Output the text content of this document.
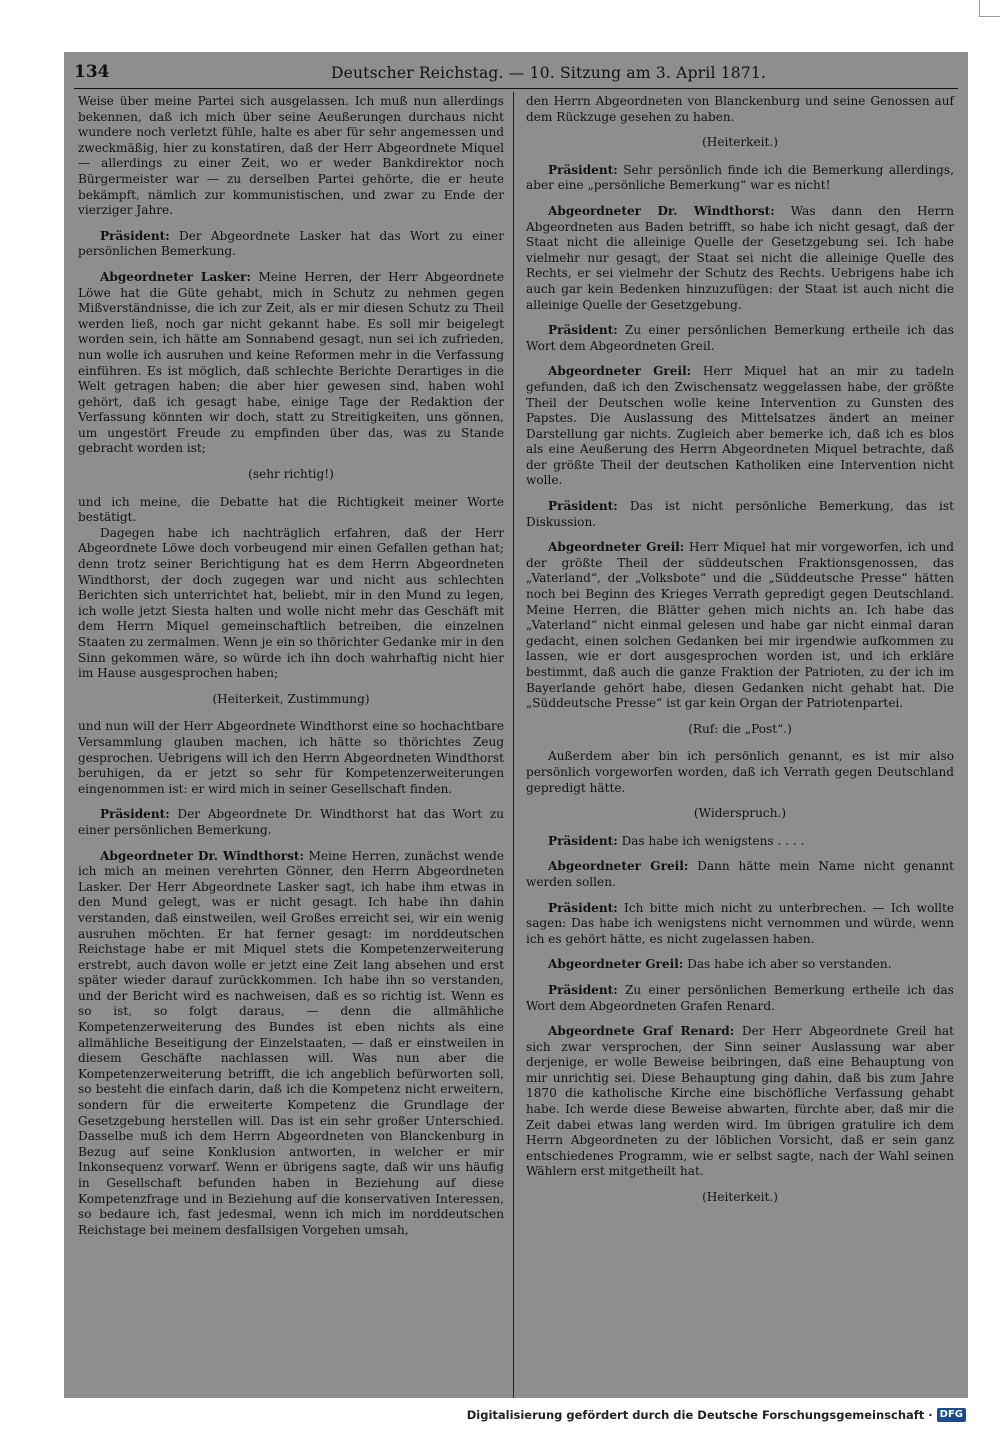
134	Deutscher Reichstag. — 10. Sitzung am 3. April 1871.

Weise über meine Partei sich ausgelassen. Ich muß nun allerdings bekennen, daß ich mich über seine Aeußerungen durchaus nicht wundere noch verletzt fühle, halte es aber für sehr angemessen und zweckmäßig, hier zu konstatiren, daß der Herr Abgeordnete Miquel — allerdings zu einer Zeit, wo er weder Bankdirektor noch Bürgermeister war — zu derselben Partei gehörte, die er heute bekämpft, nämlich zur kommunistischen, und zwar zu Ende der vierziger Jahre.

Präsident: Der Abgeordnete Lasker hat das Wort zu einer persönlichen Bemerkung.

Abgeordneter Lasker: Meine Herren, der Herr Abgeordnete Löwe hat die Güte gehabt, mich in Schutz zu nehmen gegen Mißverständnisse, die ich zur Zeit, als er mir diesen Schutz zu Theil werden ließ, noch gar nicht gekannt habe. Es soll mir beigelegt worden sein, ich hätte am Sonnabend gesagt, nun sei ich zufrieden, nun wolle ich ausruhen und keine Reformen mehr in die Verfassung einführen. Es ist möglich, daß schlechte Berichte Derartiges in die Welt getragen haben; die aber hier gewesen sind, haben wohl gehört, daß ich gesagt habe, einige Tage der Redaktion der Verfassung könnten wir doch, statt zu Streitigkeiten, uns gönnen, um ungestört Freude zu empfinden über das, was zu Stande gebracht worden ist;

(sehr richtig!)

und ich meine, die Debatte hat die Richtigkeit meiner Worte bestätigt.

Dagegen habe ich nachträglich erfahren, daß der Herr Abgeordnete Löwe doch vorbeugend mir einen Gefallen gethan hat; denn trotz seiner Berichtigung hat es dem Herrn Abgeordneten Windthorst, der doch zugegen war und nicht aus schlechten Berichten sich unterrichtet hat, beliebt, mir in den Mund zu legen, ich wolle jetzt Siesta halten und wolle nicht mehr das Geschäft mit dem Herrn Miquel gemeinschaftlich betreiben, die einzelnen Staaten zu zermalmen. Wenn je ein so thörichter Gedanke mir in den Sinn gekommen wäre, so würde ich ihn doch wahrhaftig nicht hier im Hause ausgesprochen haben;

(Heiterkeit, Zustimmung)

und nun will der Herr Abgeordnete Windthorst eine so hochachtbare Versammlung glauben machen, ich hätte so thörichtes Zeug gesprochen. Uebrigens will ich den Herrn Abgeordneten Windthorst beruhigen, da er jetzt so sehr für Kompetenzerweiterungen eingenommen ist: er wird mich in seiner Gesellschaft finden.

Präsident: Der Abgeordnete Dr. Windthorst hat das Wort zu einer persönlichen Bemerkung.

Abgeordneter Dr. Windthorst: Meine Herren, zunächst wende ich mich an meinen verehrten Gönner, den Herrn Abgeordneten Lasker. Der Herr Abgeordnete Lasker sagt, ich habe ihm etwas in den Mund gelegt, was er nicht gesagt. Ich habe ihn dahin verstanden, daß einstweilen, weil Großes erreicht sei, wir ein wenig ausruhen möchten. Er hat ferner gesagt: im norddeutschen Reichstage habe er mit Miquel stets die Kompetenzerweiterung erstrebt, auch davon wolle er jetzt eine Zeit lang absehen und erst später wieder darauf zurückkommen. Ich habe ihn so verstanden, und der Bericht wird es nachweisen, daß es so richtig ist. Wenn es so ist, so folgt daraus, — denn die allmähliche Kompetenzerweiterung des Bundes ist eben nichts als eine allmähliche Beseitigung der Einzelstaaten, — daß er einstweilen in diesem Geschäfte nachlassen will. Was nun aber die Kompetenzerweiterung betrifft, die ich angeblich befürworten soll, so besteht die einfach darin, daß ich die Kompetenz nicht erweitern, sondern für die erweiterte Kompetenz die Grundlage der Gesetzgebung herstellen will. Das ist ein sehr großer Unterschied. Dasselbe muß ich dem Herrn Abgeordneten von Blanckenburg in Bezug auf seine Konklusion antworten, in welcher er mir Inkonsequenz vorwarf. Wenn er übrigens sagte, daß wir uns häufig in Gesellschaft befunden haben in Beziehung auf diese Kompetenzfrage und in Beziehung auf die konservativen Interessen, so bedaure ich, fast jedesmal, wenn ich mich im norddeutschen Reichstage bei meinem desfallsigen Vorgehen umsah,

den Herrn Abgeordneten von Blanckenburg und seine Genossen auf dem Rückzuge gesehen zu haben.

(Heiterkeit.)

Präsident: Sehr persönlich finde ich die Bemerkung allerdings, aber eine „persönliche Bemerkung“ war es nicht!

Abgeordneter Dr. Windthorst: Was dann den Herrn Abgeordneten aus Baden betrifft, so habe ich nicht gesagt, daß der Staat nicht die alleinige Quelle der Gesetzgebung sei. Ich habe vielmehr nur gesagt, der Staat sei nicht die alleinige Quelle des Rechts, er sei vielmehr der Schutz des Rechts. Uebrigens habe ich auch gar kein Bedenken hinzuzufügen: der Staat ist auch nicht die alleinige Quelle der Gesetzgebung.

Präsident: Zu einer persönlichen Bemerkung ertheile ich das Wort dem Abgeordneten Greil.

Abgeordneter Greil: Herr Miquel hat an mir zu tadeln gefunden, daß ich den Zwischensatz weggelassen habe, der größte Theil der Deutschen wolle keine Intervention zu Gunsten des Papstes. Die Auslassung des Mittelsatzes ändert an meiner Darstellung gar nichts. Zugleich aber bemerke ich, daß ich es blos als eine Aeußerung des Herrn Abgeordneten Miquel betrachte, daß der größte Theil der deutschen Katholiken eine Intervention nicht wolle.

Präsident: Das ist nicht persönliche Bemerkung, das ist Diskussion.

Abgeordneter Greil: Herr Miquel hat mir vorgeworfen, ich und der größte Theil der süddeutschen Fraktionsgenossen, das „Vaterland“, der „Volksbote“ und die „Süddeutsche Presse“ hätten noch bei Beginn des Krieges Verrath gepredigt gegen Deutschland. Meine Herren, die Blätter gehen mich nichts an. Ich habe das „Vaterland“ nicht einmal gelesen und habe gar nicht einmal daran gedacht, einen solchen Gedanken bei mir irgendwie aufkommen zu lassen, wie er dort ausgesprochen worden ist, und ich erkläre bestimmt, daß auch die ganze Fraktion der Patrioten, zu der ich im Bayerlande gehört habe, diesen Gedanken nicht gehabt hat. Die „Süddeutsche Presse“ ist gar kein Organ der Patriotenpartei.

(Ruf: die „Post“.)

Außerdem aber bin ich persönlich genannt, es ist mir also persönlich vorgeworfen worden, daß ich Verrath gegen Deutschland gepredigt hätte.

(Widerspruch.)

Präsident: Das habe ich wenigstens . . . .

Abgeordneter Greil: Dann hätte mein Name nicht genannt werden sollen.

Präsident: Ich bitte mich nicht zu unterbrechen. — Ich wollte sagen: Das habe ich wenigstens nicht vernommen und würde, wenn ich es gehört hätte, es nicht zugelassen haben.

Abgeordneter Greil: Das habe ich aber so verstanden.

Präsident: Zu einer persönlichen Bemerkung ertheile ich das Wort dem Abgeordneten Grafen Renard.

Abgeordnete Graf Renard: Der Herr Abgeordnete Greil hat sich zwar versprochen, der Sinn seiner Auslassung war aber derjenige, er wolle Beweise beibringen, daß eine Behauptung von mir unrichtig sei. Diese Behauptung ging dahin, daß bis zum Jahre 1870 die katholische Kirche eine bischöfliche Verfassung gehabt habe. Ich werde diese Beweise abwarten, fürchte aber, daß mir die Zeit dabei etwas lang werden wird. Im übrigen gratulire ich dem Herrn Abgeordneten zu der löblichen Vorsicht, daß er sein ganz entschiedenes Programm, wie er selbst sagte, nach der Wahl seinen Wählern erst mitgetheilt hat.

(Heiterkeit.)

Digitalisierung gefördert durch die Deutsche Forschungsgemeinschaft · DFG
